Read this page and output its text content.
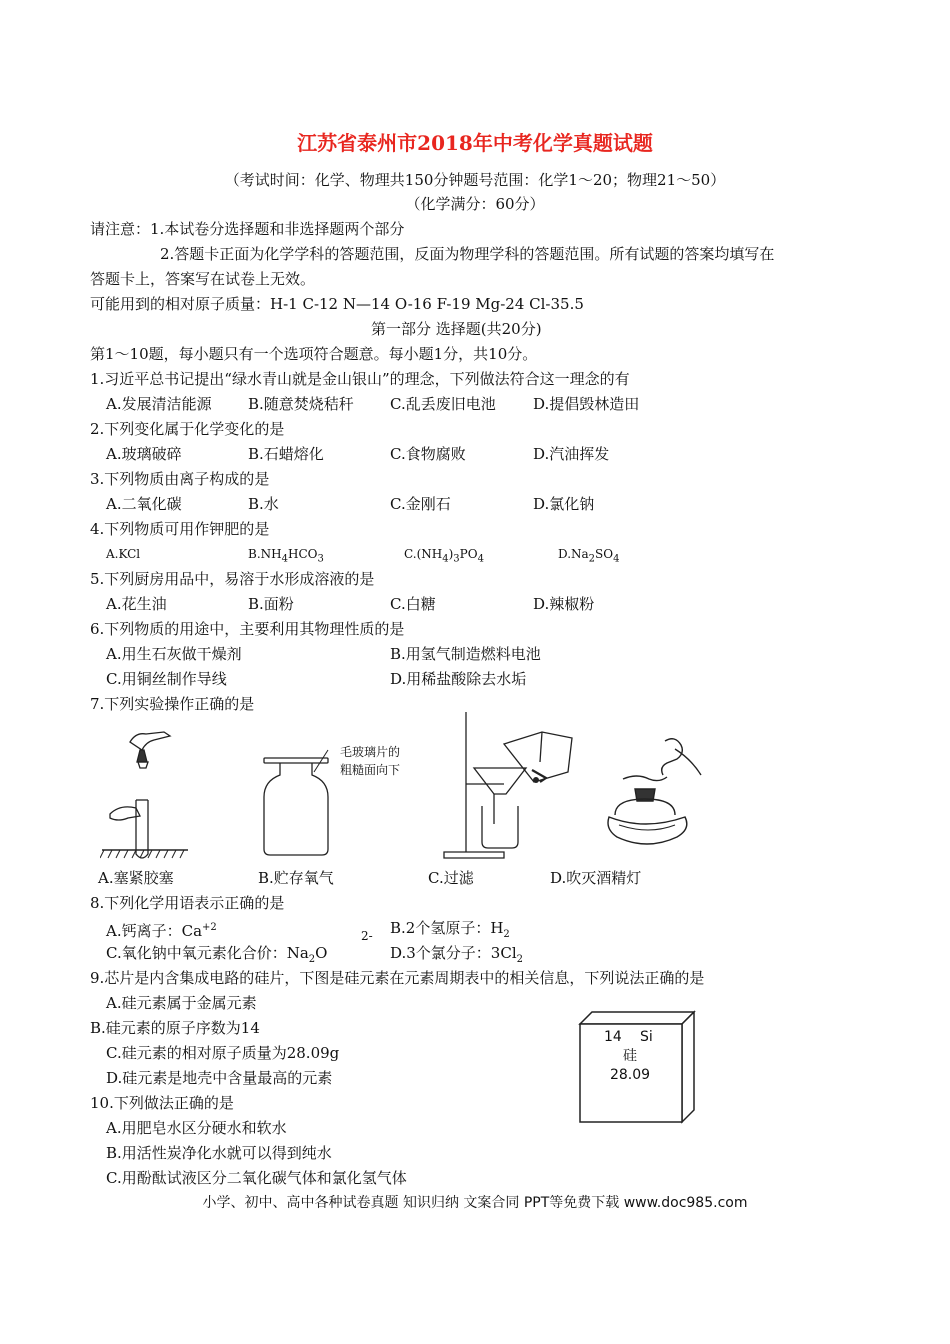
江苏省泰州市2018年中考化学真题试题
（考试时间：化学、物理共150分钟题号范围：化学1～20；物理21～50）
（化学满分：60分）
请注意：1.本试卷分选择题和非选择题两个部分
2.答题卡正面为化学学科的答题范围，反面为物理学科的答题范围。所有试题的答案均填写在
答题卡上，答案写在试卷上无效。
可能用到的相对原子质量：H-1 C-12 N—14 O-16 F-19 Mg-24 Cl-35.5
第一部分 选择题(共20分)
第1～10题，每小题只有一个选项符合题意。每小题1分，共10分。
1.习近平总书记提出“绿水青山就是金山银山”的理念，下列做法符合这一理念的有
A.发展清洁能源 B.随意焚烧秸秆 C.乱丢废旧电池 D.提倡毁林造田
2.下列变化属于化学变化的是
A.玻璃破碎	B.石蜡熔化	C.食物腐败	D.汽油挥发
3.下列物质由离子构成的是
A.二氧化碳	B.水	C.金刚石	D.氯化钠
4.下列物质可用作钾肥的是
A.KCl	$B.NH_4HCO_3$	$C.(NH_4)_3PO_4$	$D.Na_2SO_4$
5.下列厨房用品中，易溶于水形成溶液的是
A.花生油	B.面粉	C.白糖	D.辣椒粉
6.下列物质的用途中，主要利用其物理性质的是
A.用生石灰做干燥剂	B.用氢气制造燃料电池
C.用铜丝制作导线	D.用稀盐酸除去水垢
7.下列实验操作正确的是
毛玻璃片的
粗糙面向下
A.塞紧胶塞	B.贮存氧气	C.过滤	D.吹灭酒精灯
8.下列化学用语表示正确的是
A.钙离子：$Ca^{+2}$
2- B.2个氢原子：$H_2$
C.氧化钠中氧元素化合价：$Na_2O$	D.3个氯分子：$3Cl_2$
9.芯片是内含集成电路的硅片，下图是硅元素在元素周期表中的相关信息，下列说法正确的是
A.硅元素属于金属元素
B.硅元素的原子序数为14
C.硅元素的相对原子质量为28.09g
D.硅元素是地壳中含量最高的元素
14 Si
硅
28.09
10.下列做法正确的是
A.用肥皂水区分硬水和软水
B.用活性炭净化水就可以得到纯水
C.用酚酞试液区分二氧化碳气体和氯化氢气体
小学、初中、高中各种试卷真题 知识归纳 文案合同 PPT等免费下载 www.doc985.com
